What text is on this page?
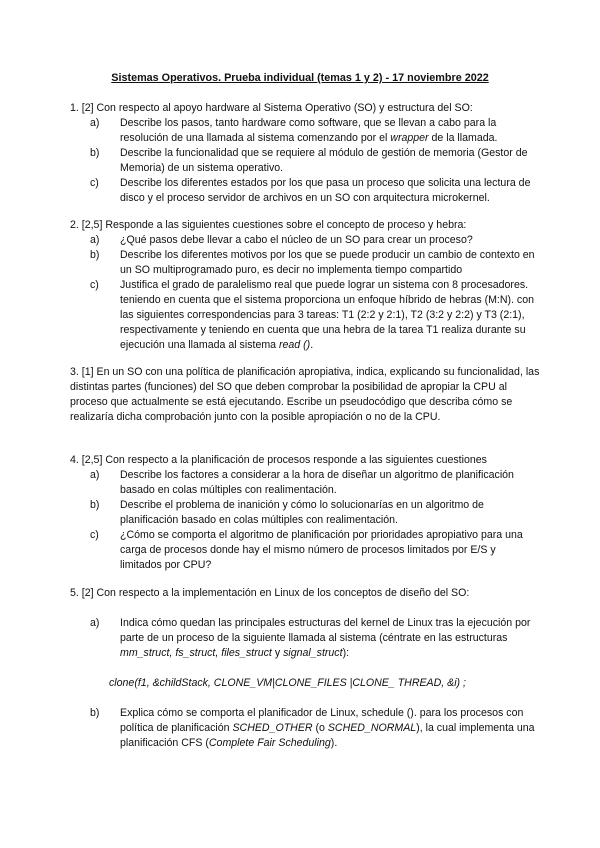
Sistemas Operativos. Prueba individual (temas 1 y 2) - 17 noviembre 2022

1. [2] Con respecto al apoyo hardware al Sistema Operativo (SO) y estructura del SO:

a) Describe los pasos, tanto hardware como software, que se llevan a cabo para la resolución de una llamada al sistema comenzando por el wrapper de la llamada.

b) Describe la funcionalidad que se requiere al módulo de gestión de memoria (Gestor de Memoria) de un sistema operativo.

c) Describe los diferentes estados por los que pasa un proceso que solicita una lectura de disco y el proceso servidor de archivos en un SO con arquitectura microkernel.

2. [2,5] Responde a las siguientes cuestiones sobre el concepto de proceso y hebra:

a) ¿Qué pasos debe llevar a cabo el núcleo de un SO para crear un proceso?

b) Describe los diferentes motivos por los que se puede producir un cambio de contexto en un SO multiprogramado puro, es decir no implementa tiempo compartido

c) Justifica el grado de paralelismo real que puede lograr un sistema con 8 procesadores. teniendo en cuenta que el sistema proporciona un enfoque híbrido de hebras (M:N). con las siguientes correspondencias para 3 tareas: T1 (2:2 y 2:1), T2 (3:2 y 2:2) y T3 (2:1), respectivamente y teniendo en cuenta que una hebra de la tarea T1 realiza durante su ejecución una llamada al sistema read ().

3. [1] En un SO con una política de planificación apropiativa, indica, explicando su funcionalidad, las distintas partes (funciones) del SO que deben comprobar la posibilidad de apropiar la CPU al proceso que actualmente se está ejecutando. Escribe un pseudocódigo que describa cómo se realizaría dicha comprobación junto con la posible apropiación o no de la CPU.

4. [2,5] Con respecto a la planificación de procesos responde a las siguientes cuestiones

a) Describe los factores a considerar a la hora de diseñar un algoritmo de planificación basado en colas múltiples con realimentación.

b) Describe el problema de inanición y cómo lo solucionarías en un algoritmo de planificación basado en colas múltiples con realimentación.

c) ¿Cómo se comporta el algoritmo de planificación por prioridades apropiativo para una carga de procesos donde hay el mismo número de procesos limitados por E/S y limitados por CPU?

5. [2] Con respecto a la implementación en Linux de los conceptos de diseño del SO:

a) Indica cómo quedan las principales estructuras del kernel de Linux tras la ejecución por parte de un proceso de la siguiente llamada al sistema (céntrate en las estructuras mm_struct, fs_struct, files_struct y signal_struct):

clone(f1, &childStack, CLONE_VM|CLONE_FILES |CLONE_ THREAD, &i) ;

b) Explica cómo se comporta el planificador de Linux, schedule (). para los procesos con política de planificación SCHED_OTHER (o SCHED_NORMAL), la cual implementa una planificación CFS (Complete Fair Scheduling).
